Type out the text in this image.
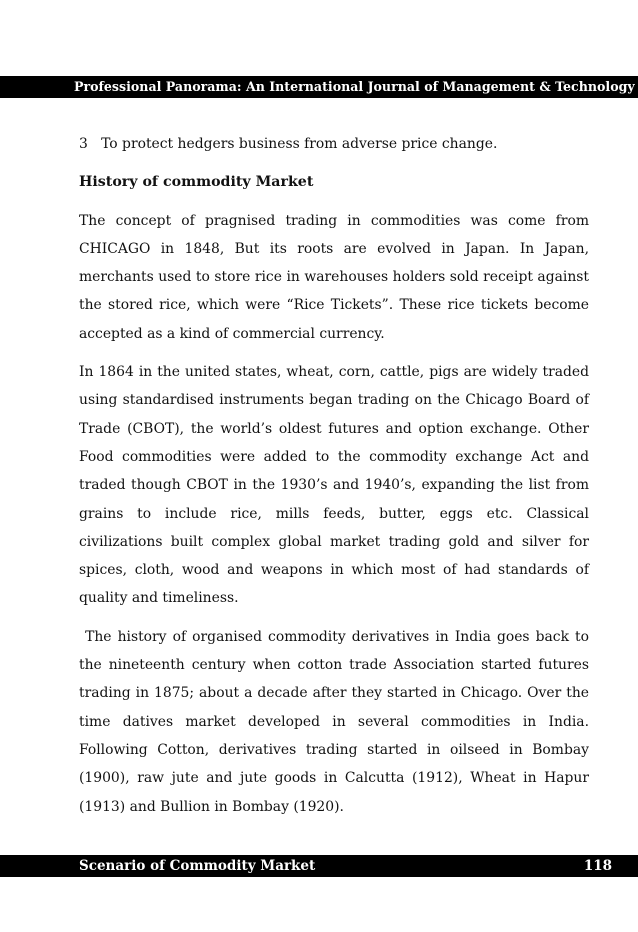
Professional Panorama: An International Journal of Management & Technology

3 To protect hedgers business from adverse price change.

History of commodity Market

The concept of pragnised trading in commodities was come from CHICAGO in 1848, But its roots are evolved in Japan. In Japan, merchants used to store rice in warehouses holders sold receipt against the stored rice, which were “Rice Tickets”. These rice tickets become accepted as a kind of commercial currency.

In 1864 in the united states, wheat, corn, cattle, pigs are widely traded using standardised instruments began trading on the Chicago Board of Trade (CBOT), the world’s oldest futures and option exchange. Other Food commodities were added to the commodity exchange Act and traded though CBOT in the 1930’s and 1940’s, expanding the list from grains to include rice, mills feeds, butter, eggs etc. Classical civilizations built complex global market trading gold and silver for spices, cloth, wood and weapons in which most of had standards of quality and timeliness.

The history of organised commodity derivatives in India goes back to the nineteenth century when cotton trade Association started futures trading in 1875; about a decade after they started in Chicago. Over the time datives market developed in several commodities in India. Following Cotton, derivatives trading started in oilseed in Bombay (1900), raw jute and jute goods in Calcutta (1912), Wheat in Hapur (1913) and Bullion in Bombay (1920).

Scenario of Commodity Market	118
